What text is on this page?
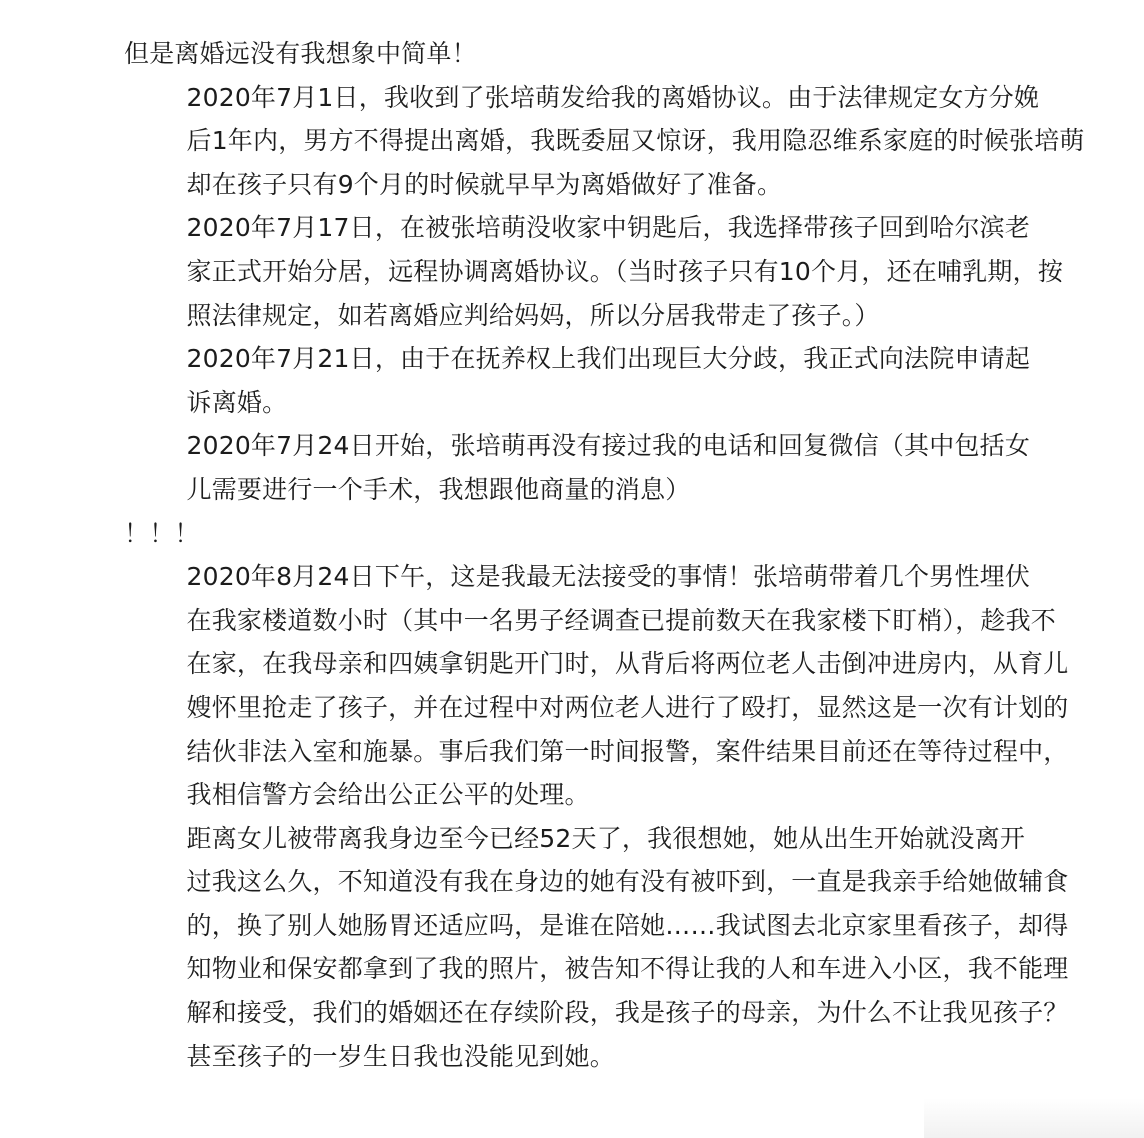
但是离婚远没有我想象中简单！

2020年7月1日，我收到了张培萌发给我的离婚协议。由于法律规定女方分娩
后1年内，男方不得提出离婚，我既委屈又惊讶，我用隐忍维系家庭的时候张培萌
却在孩子只有9个月的时候就早早为离婚做好了准备。

2020年7月17日，在被张培萌没收家中钥匙后，我选择带孩子回到哈尔滨老
家正式开始分居，远程协调离婚协议。（当时孩子只有10个月，还在哺乳期，按
照法律规定，如若离婚应判给妈妈，所以分居我带走了孩子。）

2020年7月21日，由于在抚养权上我们出现巨大分歧，我正式向法院申请起
诉离婚。

2020年7月24日开始，张培萌再没有接过我的电话和回复微信（其中包括女
儿需要进行一个手术，我想跟他商量的消息）

！！！

2020年8月24日下午，这是我最无法接受的事情！张培萌带着几个男性埋伏
在我家楼道数小时（其中一名男子经调查已提前数天在我家楼下盯梢），趁我不
在家，在我母亲和四姨拿钥匙开门时，从背后将两位老人击倒冲进房内，从育儿
嫂怀里抢走了孩子，并在过程中对两位老人进行了殴打，显然这是一次有计划的
结伙非法入室和施暴。事后我们第一时间报警，案件结果目前还在等待过程中，
我相信警方会给出公正公平的处理。

距离女儿被带离我身边至今已经52天了，我很想她，她从出生开始就没离开
过我这么久，不知道没有我在身边的她有没有被吓到，一直是我亲手给她做辅食
的，换了别人她肠胃还适应吗，是谁在陪她……我试图去北京家里看孩子，却得
知物业和保安都拿到了我的照片，被告知不得让我的人和车进入小区，我不能理
解和接受，我们的婚姻还在存续阶段，我是孩子的母亲，为什么不让我见孩子？
甚至孩子的一岁生日我也没能见到她。
